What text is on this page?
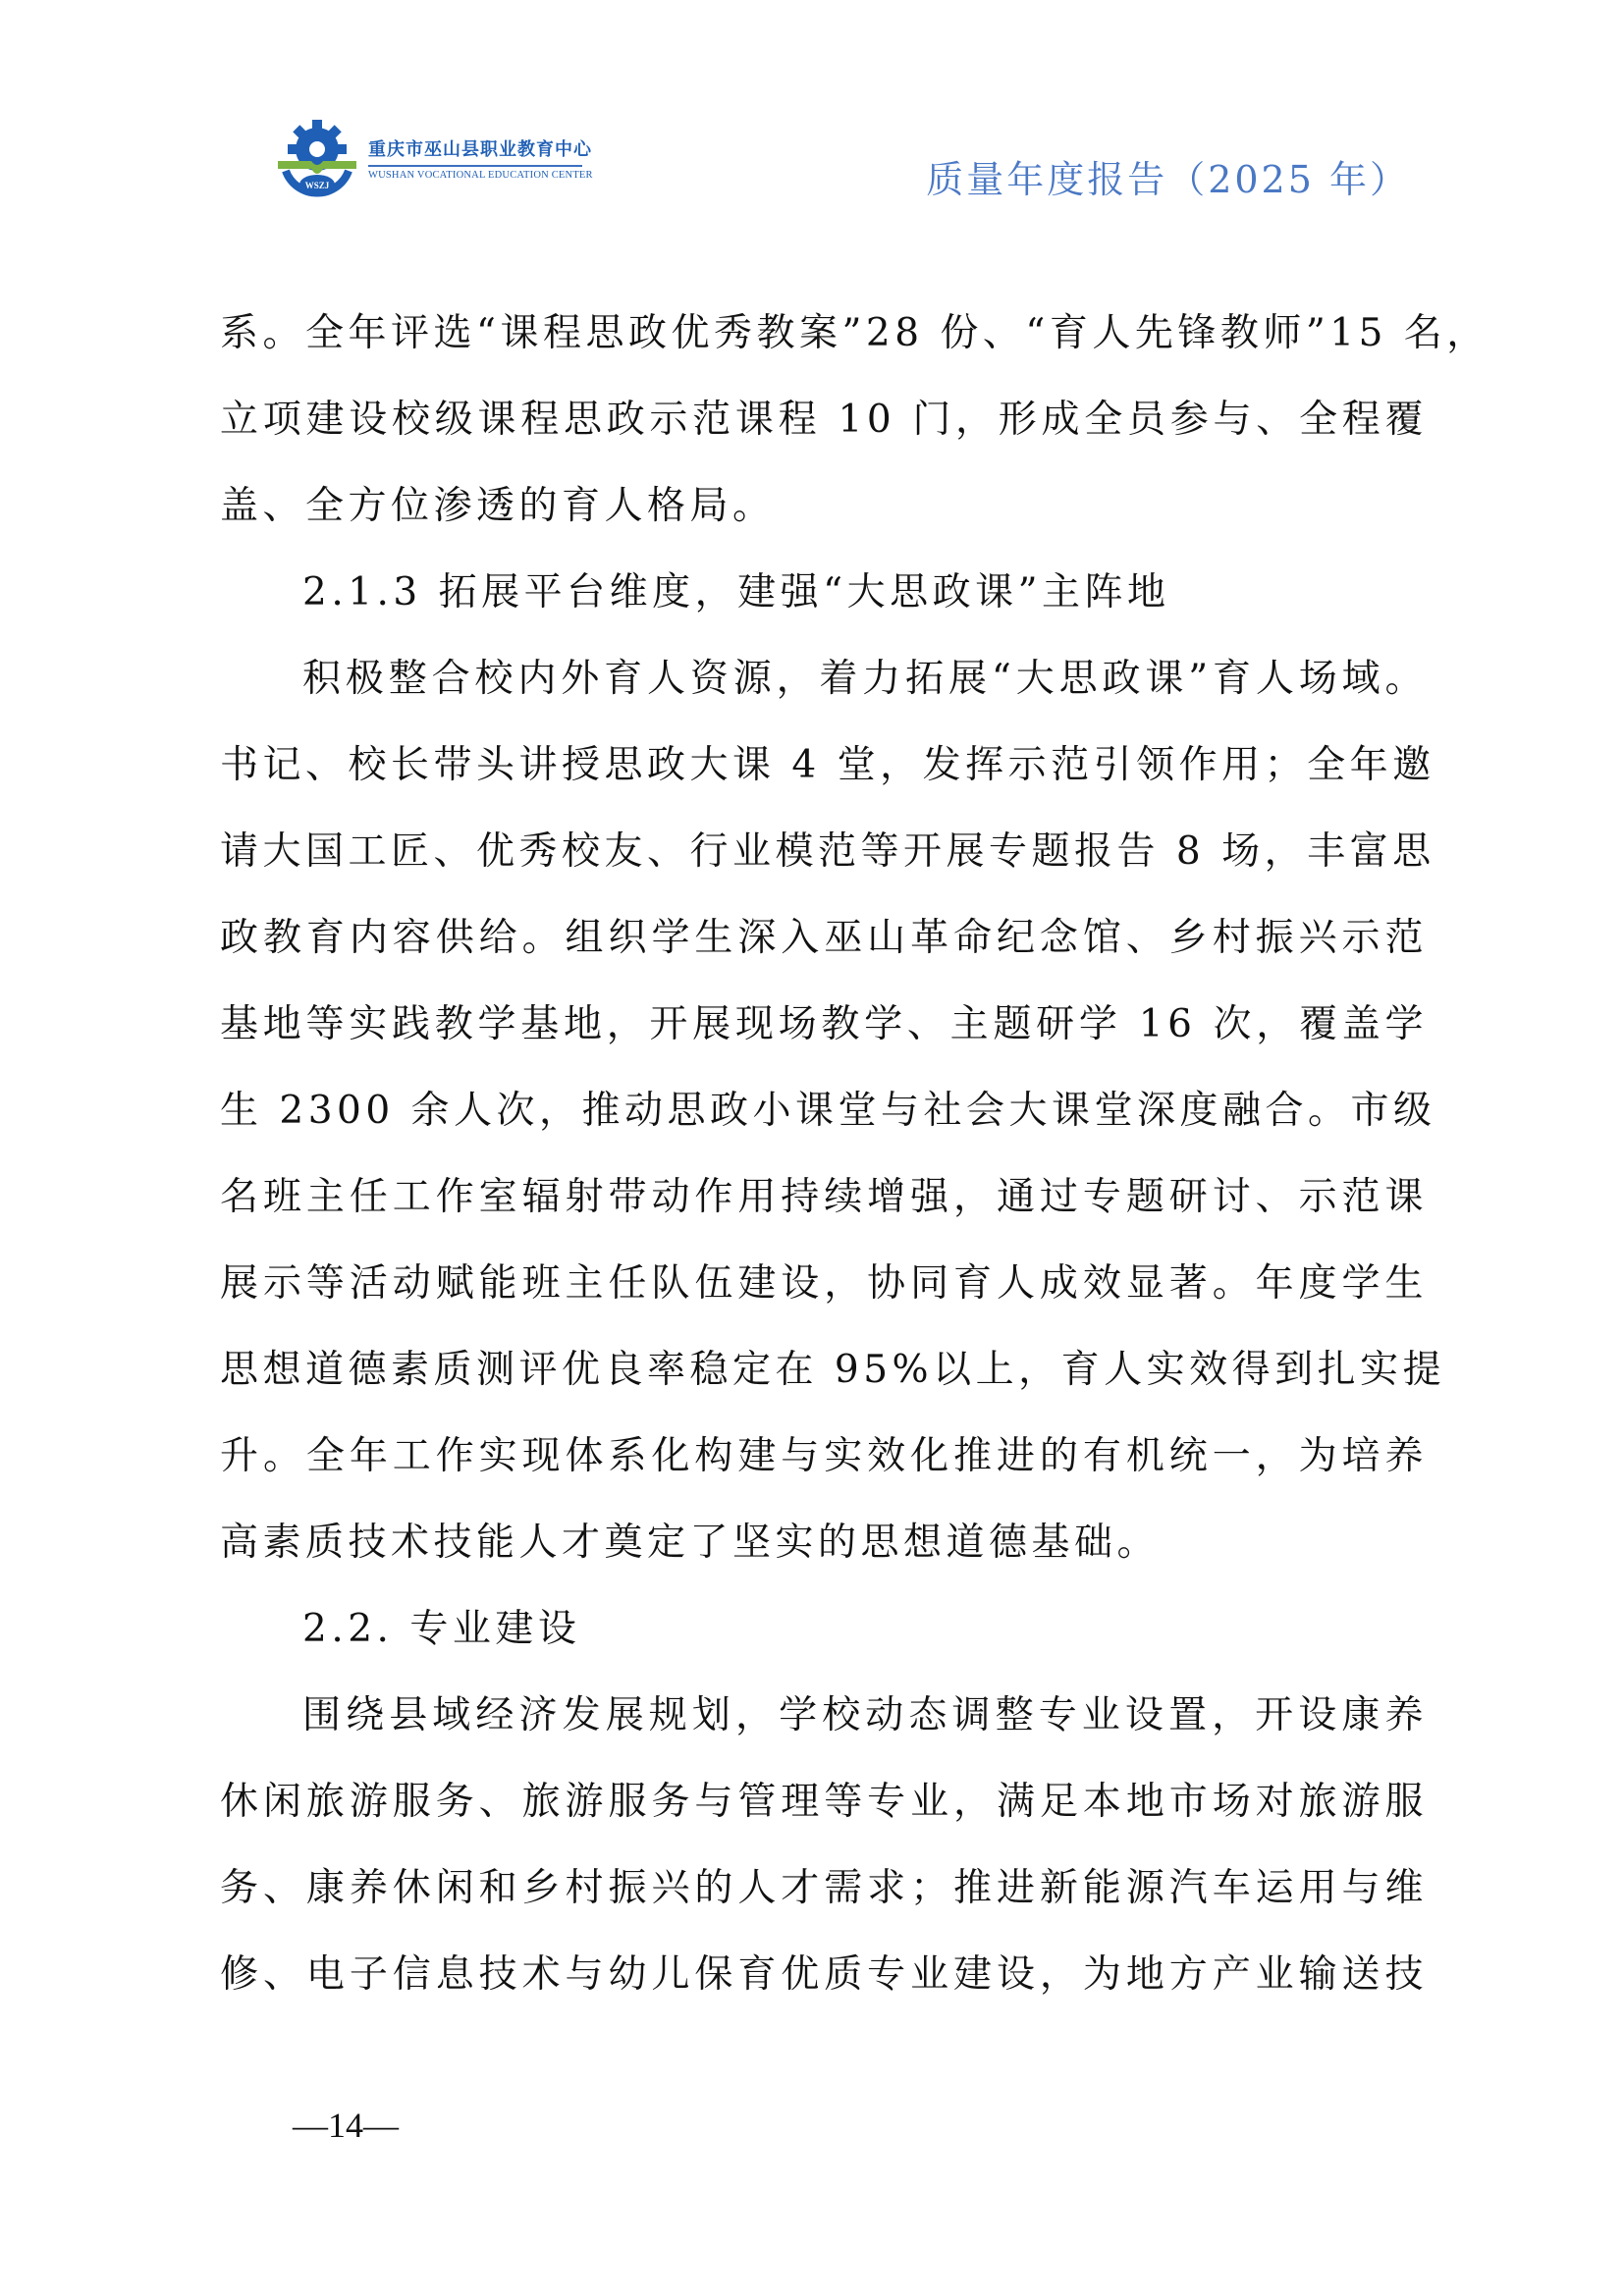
WSZJ
重庆市巫山县职业教育中心
WUSHAN VOCATIONAL EDUCATION CENTER	质量年度报告（2025 年）
系。全年评选“课程思政优秀教案”28 份、“育人先锋教师”15 名，
立项建设校级课程思政示范课程 10 门，形成全员参与、全程覆
盖、全方位渗透的育人格局。
2.1.3 拓展平台维度，建强“大思政课”主阵地
积极整合校内外育人资源，着力拓展“大思政课”育人场域。
书记、校长带头讲授思政大课 4 堂，发挥示范引领作用；全年邀
请大国工匠、优秀校友、行业模范等开展专题报告 8 场，丰富思
政教育内容供给。组织学生深入巫山革命纪念馆、乡村振兴示范
基地等实践教学基地，开展现场教学、主题研学 16 次，覆盖学
生 2300 余人次，推动思政小课堂与社会大课堂深度融合。市级
名班主任工作室辐射带动作用持续增强，通过专题研讨、示范课
展示等活动赋能班主任队伍建设，协同育人成效显著。年度学生
思想道德素质测评优良率稳定在 95%以上，育人实效得到扎实提
升。全年工作实现体系化构建与实效化推进的有机统一，为培养
高素质技术技能人才奠定了坚实的思想道德基础。
2.2. 专业建设
围绕县域经济发展规划，学校动态调整专业设置，开设康养
休闲旅游服务、旅游服务与管理等专业，满足本地市场对旅游服
务、康养休闲和乡村振兴的人才需求；推进新能源汽车运用与维
修、电子信息技术与幼儿保育优质专业建设，为地方产业输送技
—14—
